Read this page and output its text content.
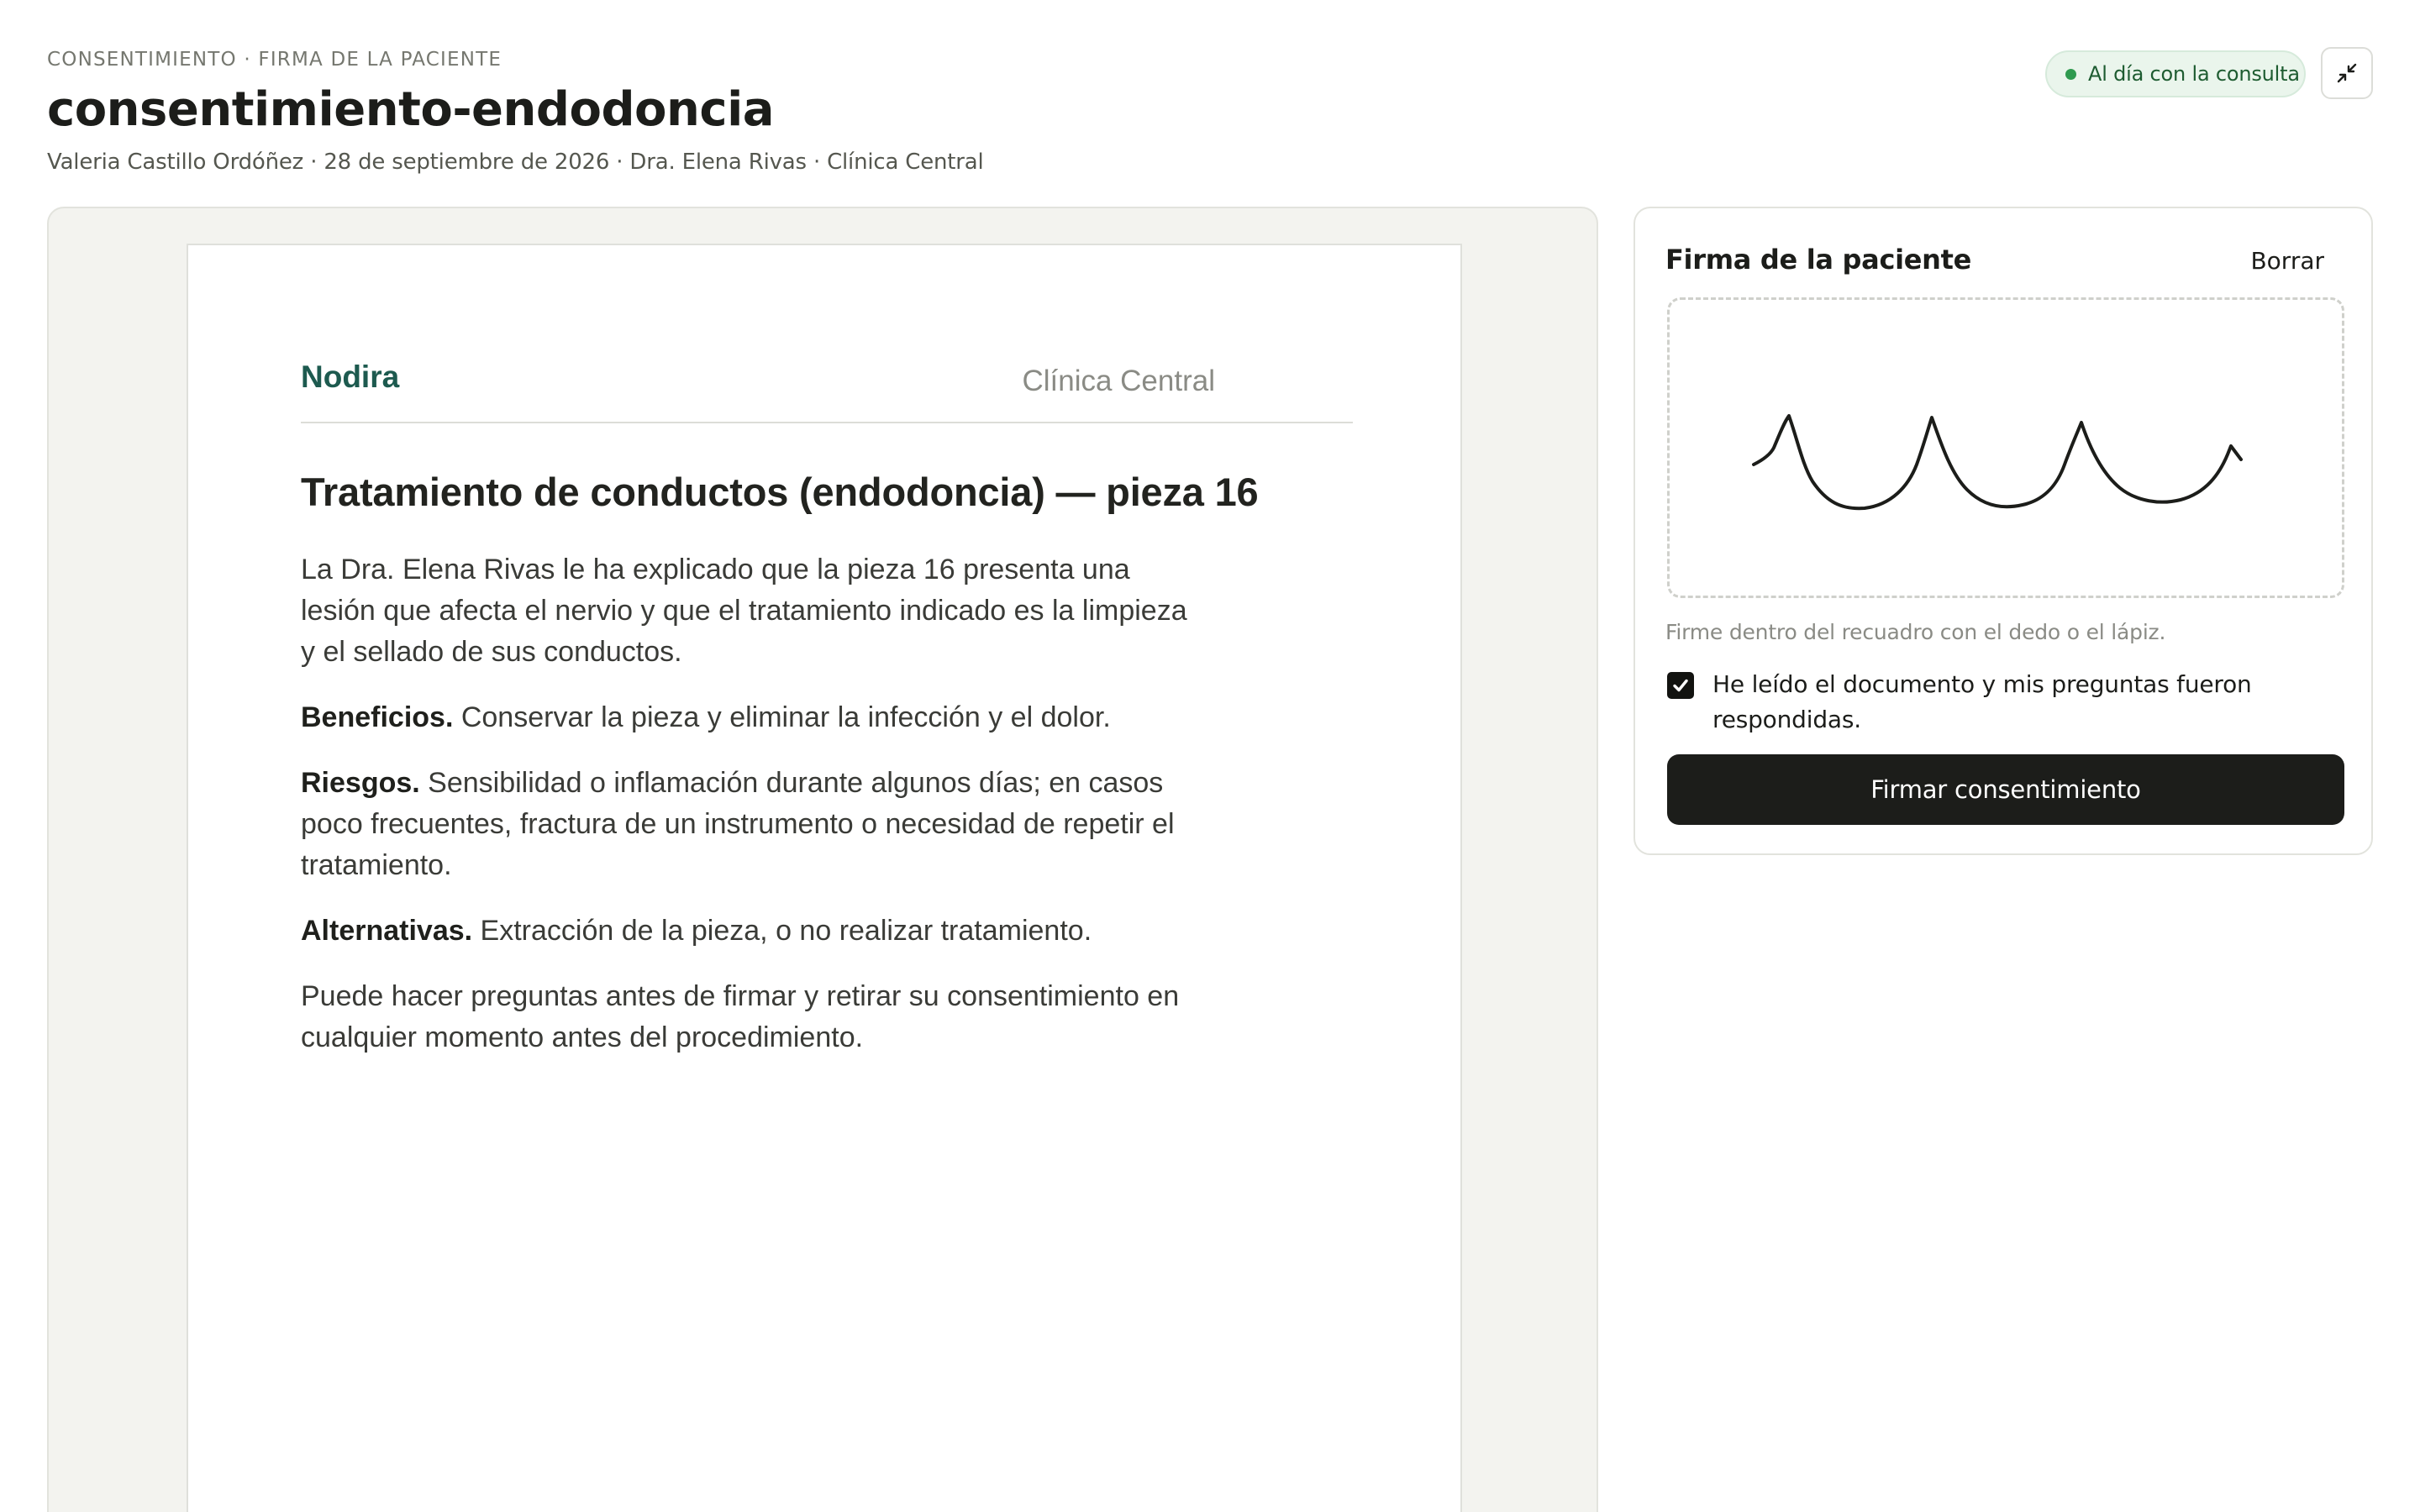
CONSENTIMIENTO · FIRMA DE LA PACIENTE
consentimiento-endodoncia
Valeria Castillo Ordóñez · 28 de septiembre de 2026 · Dra. Elena Rivas · Clínica Central
Al día con la consulta
Nodira	Clínica Central
Tratamiento de conductos (endodoncia) — pieza 16

La Dra. Elena Rivas le ha explicado que la pieza 16 presenta una lesión que afecta el nervio y que el tratamiento indicado es la limpieza y el sellado de sus conductos.

Beneficios. Conservar la pieza y eliminar la infección y el dolor.

Riesgos. Sensibilidad o inflamación durante algunos días; en casos poco frecuentes, fractura de un instrumento o necesidad de repetir el tratamiento.

Alternativas. Extracción de la pieza, o no realizar tratamiento.

Puede hacer preguntas antes de firmar y retirar su consentimiento en cualquier momento antes del procedimiento.

Firma de la paciente	Borrar
Firme dentro del recuadro con el dedo o el lápiz.
He leído el documento y mis preguntas fueron respondidas.
Firmar consentimiento
